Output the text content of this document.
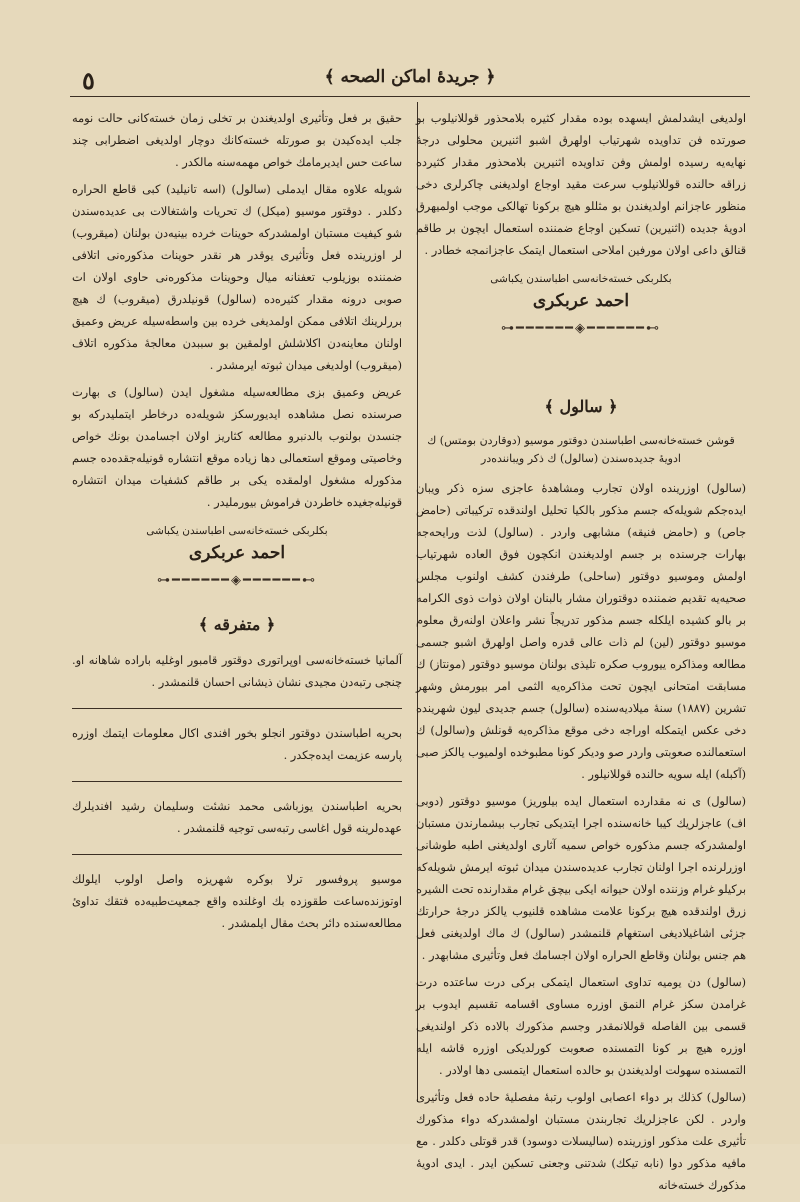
٥	﴿ جريدهٔ اماكن الصحه ﴾

اولدیغی ایشدلمش ایسهده بوده مقدار کثیره بلامحذور قوللانیلوب بو صورتده فن تداویده شهرتیاب اولهرق اشبو اثنیرین محلولی درجهٔ نهایه‌یه رسیده اولمش وفن تداویده اثنیرین بلامحذور مقدار کثیرده زراقه حالنده قوللانیلوب سرعت مقید اوجاع اولدیغنی چاکرلری دخی منظور عاجزانم اولدیغندن بو مثللو هیچ برکونا تهالکی موجب اولمیهرق ادویهٔ جدیده (اثنیرین) تسکین اوجاع ضمننده استعمال ایچون بر طاقم قنالق داعی اولان مورفین املاحی استعمال ایتمک عاجزانمجه خطادر .

بکلربکی خسته‌خانه‌سی اطباسندن یکباشی
احمد عربکری
⊶━━━━━━◈━━━━━━⊷
﴿ سالول ﴾
قوشن خسته‌خانه‌سی اطباسندن دوقتور موسیو (دوقاردن بومتس) ك ادویهٔ جدیده‌سندن (سالول) ك ذکر ویباننده‌در

(سالول) اوزرینده اولان تجارب ومشاهدهٔ عاجزی سزه ذکر ویبان ایده‌جکم شویله‌که جسم مذکور بالکیا تحلیل اولندقده ترکیباتی (حامض جاص) و (حامض فنیقه) مشابهی واردر . (سالول) لذت ورایحه‌جه بهارات جرسنده بر جسم اولدیغندن انکچون فوق العاده شهرتیاب اولمش وموسیو دوقتور (ساحلی) طرفندن کشف اولنوب مجلس صحیه‌یه تقدیم ضمننده دوقتوران مشار بالبنان اولان ذوات ذوی الکرامه بر بالو کشیده ایلکله جسم مذکور تدریجاً نشر واعلان اولنه‌رق معلوم موسیو دوقتور (لین) لم ذات عالی قدره واصل اولهرق اشبو جسمی مطالعه ومذاکره ییوروب صکره تلیذی بولنان موسیو دوقتور (مونتاز) ك مسابقت امتحانی ایچون تحت مذاکره‌یه الثمی امر بیورمش وشهر تشرین (۱۸۸۷) سنهٔ میلادیه‌سنده (سالول) جسم جدیدی لیون شهرینده دخی عکس ایتمکله اوراجه دخی موقع مذاکره‌یه قونلش و(سالول) ك استعمالنده صعوبتی واردر صو ودیکر کونا مطبوخده اولمیوب یالکز صبی (آکبله) ایله سویه حالنده قوللانیلور .

(سالول) ی نه مقدارده استعمال ایده بیلوریز) موسیو دوقتور (دوبی اف) عاجزلریك کیبا خانه‌سنده اجرا ایتدیکی تجارب بیشمارندن مستبان اولمشدرکه جسم مذکوره خواص سمیه آثاری اولدیغنی اطبه طوشانی اوزرلرنده اجرا اولنان تجارب عدیده‌سندن میدان ثبوته ایرمش شویله‌که برکیلو غرام وزننده اولان حیوانه ایکی بیچق غرام مقدارنده تحت الشیره زرق اولندقده هیچ برکونا علامت مشاهده قلنیوب یالکز درجهٔ حرارتك جزئی اشاغیلادیغی استغهام قلنمشدر (سالول) ك ماك اولدیغنی فعل هم جنس بولنان وقاطع الحراره اولان اجسامك فعل وتأثیری مشابهدر .

(سالول) دن یومیه تداوی استعمال ایتمکی برکی درت ساعتده درت غرامدن سکز غرام النمق اوزره مساوی اقسامه تقسیم ایدوب بر قسمی بین الفاصله قوللانمقدر وجسم مذکورك بالاده ذکر اولندیغی اوزره هیچ بر کونا التمسنده صعوبت کورلدیکی اوزره قاشه ایله التمسنده سهولت اولدیغندن بو حالده استعمال ایتمسی دها اولادر .

(سالول) کذلك بر دواء اعصابی اولوب رتبهٔ مفصلیهٔ حاده فعل وتأثیری واردر . لکن عاجزلریك تجاربندن مستبان اولمشدرکه دواء مذکورك تأثیری علت مذکور اوزرینده (سالیسلات دوسود) قدر قوتلی دکلدر . مع مافیه مذکور دوا (نابه تیکك) شدتنی وجعنی تسکین ایدر . ایدی ادویهٔ مذکورك خسته‌خانه

حقیق بر فعل وتأثیری اولدیغندن بر تخلی زمان خسته‌کانی حالت نومه جلب ایده‌کیدن بو صورتله خسته‌کانك دوچار اولدیغی اضطرابی چند ساعت حس ایدیرمامك خواص مهمه‌سنه مالکدر .

شویله علاوه مقال ایدملی (سالول) (اسه تانیلید) کبی قاطع الحراره دکلدر . دوقتور موسیو (میکل) ك تحریات واشتغالات بی عدیده‌سندن شو کیفیت مستبان اولمشدرکه حوینات خرده بینیه‌دن بولنان (میقروب) لر اوزرینده فعل وتأثیری یوقدر هر نقدر حوینات مذکوره‌نی اتلافی ضمننده بوزیلوب تعفنانه میال وحوینات مذکوره‌نی حاوی اولان ات صوبی درونه مقدار کثیره‌ده (سالول) قونیلدرق (میقروب) ك هیچ بررلرینك اتلافی ممکن اولمدیغی خرده بین واسطه‌سیله عریض وعمیق اولنان معاینه‌دن اکلاشلش اولمقین بو سببدن معالجهٔ مذکوره اتلاف (میقروب) اولدیغی میدان ثبوته ایرمشدر .

عریض وعمیق بزی مطالعه‌سیله مشغول ایدن (سالول) ی بهارت صرسنده نصل مشاهده ایدیورسکز شویله‌ده درخاطر ایتملیدرکه بو جنسدن بولنوب بالدنبرو مطالعه کثاریز اولان اجسامدن بونك خواص وخاصیتی وموقع استعمالی دها زیاده موقع انتشاره قونیله‌جقده‌ده جسم مذکورله مشغول اولمقده یکی بر طاقم کشفیات میدان انتشاره قونیله‌جغیده خاطردن فراموش بیورملیدر .

بکلربکی خسته‌خانه‌سی اطباسندن یکباشی
احمد عربکری
⊶━━━━━━◈━━━━━━⊷
﴿ متفرقه ﴾

آلمانیا خسته‌خانه‌سی اوپراتوری دوقتور قامبور اوغلیه باراده شاهانه او. چنجی رتبه‌دن مجیدی نشان ذیشانی احسان قلنمشدر .

بحریه اطباسندن دوقتور انجلو بخور افندی اکال معلومات ایتمك اوزره پارسه عزیمت ایده‌جکدر .

بحریه اطباسندن یوزباشی محمد نشئت وسلیمان رشید افندیلرك عهده‌لرینه قول اغاسی رتبه‌سی توجیه قلنمشدر .

موسیو پروفسور ترلا بوکره شهریزه واصل اولوب ایلولك اوتوزنده‌ساعت طقوزده بك اوغلنده واقع جمعیت‌طبیه‌ده فتقك تداویٔ مطالعه‌سنده دائر بحث مقال ایلمشدر .
